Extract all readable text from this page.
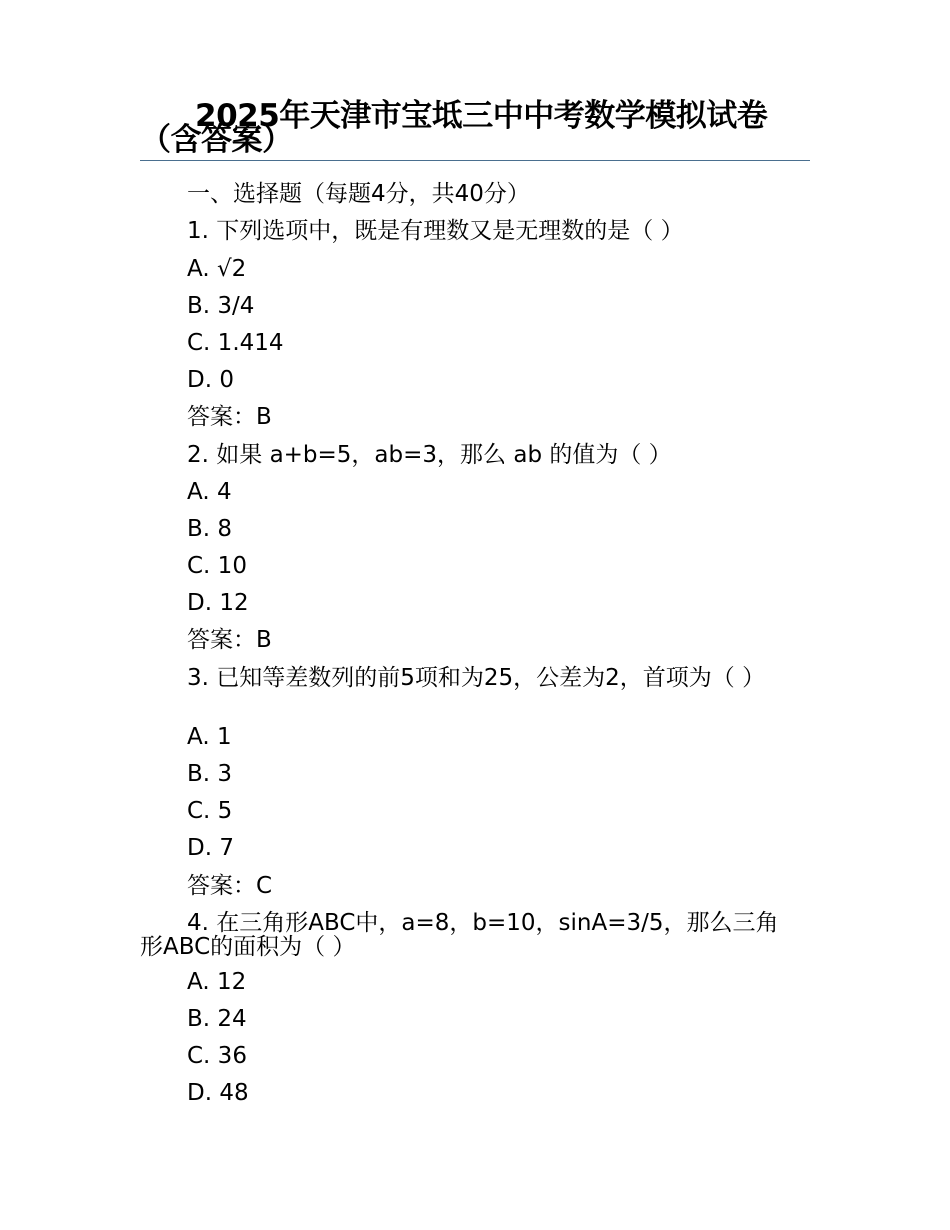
2025年天津市宝坻三中中考数学模拟试卷（含答案）
一、选择题（每题4分，共40分）
1. 下列选项中，既是有理数又是无理数的是（ ）
A. √2
B. 3/4
C. 1.414
D. 0
答案：B
2. 如果 a+b=5，ab=3，那么 ab 的值为（ ）
A. 4
B. 8
C. 10
D. 12
答案：B
3. 已知等差数列的前5项和为25，公差为2，首项为（ ）
A. 1
B. 3
C. 5
D. 7
答案：C
4. 在三角形ABC中，a=8，b=10，sinA=3/5，那么三角形ABC的面积为（ ）
A. 12
B. 24
C. 36
D. 48
